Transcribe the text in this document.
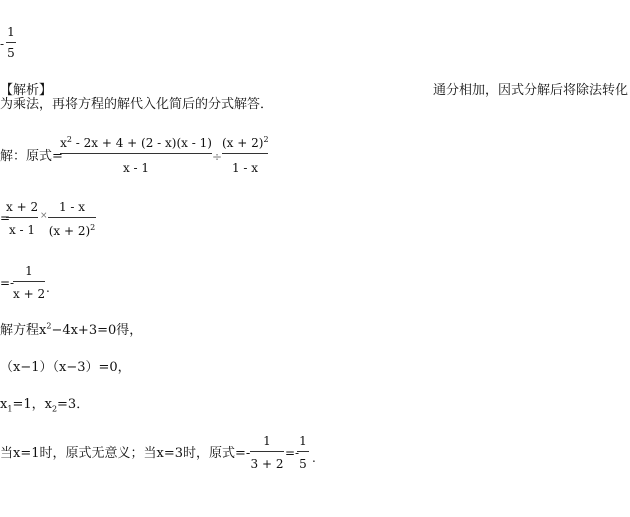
-
1
5
【解析】	通分相加，因式分解后将除法转化
为乘法，再将方程的解代入化简后的分式解答．
解：原式=
$x^2 - 2x + 4 + (2 - x)(x - 1)$
x - 1
÷
$(x + 2)^2$
1 - x
=
x + 2
x - 1
×
1 - x
$(x + 2)^2$
=-
1
x + 2 .
解方程$x^2-4x+3=0$得，
（x−1）（x−3）=0，
$x_1=1$，$x_2=3$．
当x=1时，原式无意义；当x=3时，原式=-
1
3 + 2
=-
1
5 .
